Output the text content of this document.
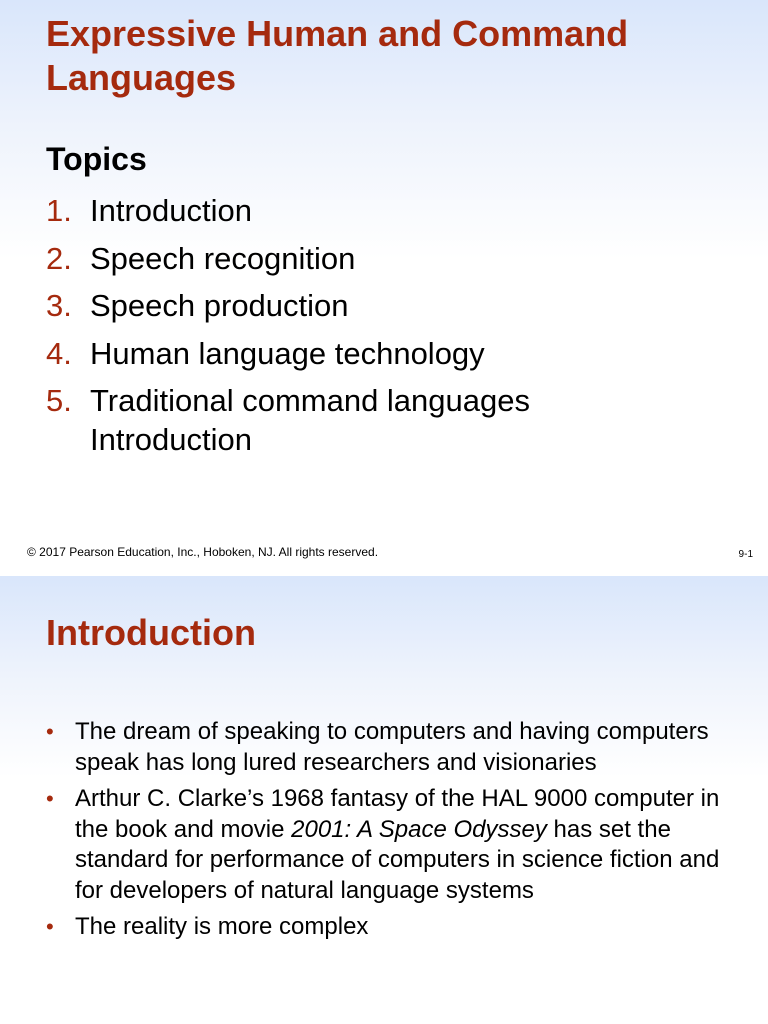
Expressive Human and Command Languages
Topics
1. Introduction
2. Speech recognition
3. Speech production
4. Human language technology
5. Traditional command languages
Introduction
© 2017 Pearson Education, Inc., Hoboken, NJ. All rights reserved.	9-1
Introduction
• The dream of speaking to computers and having computers speak has long lured researchers and visionaries
• Arthur C. Clarke’s 1968 fantasy of the HAL 9000 computer in the book and movie 2001: A Space Odyssey has set the standard for performance of computers in science fiction and for developers of natural language systems
• The reality is more complex
